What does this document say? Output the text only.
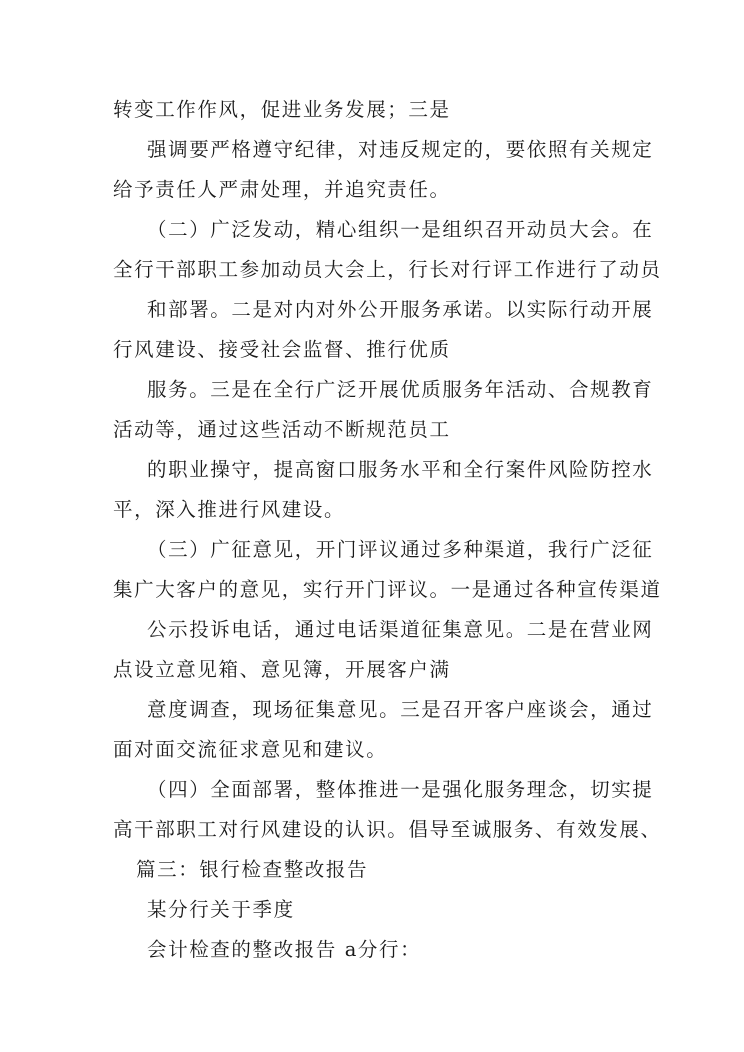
转变工作作风，促进业务发展；三是
强调要严格遵守纪律，对违反规定的，要依照有关规定
给予责任人严肃处理，并追究责任。
（二）广泛发动，精心组织一是组织召开动员大会。在
全行干部职工参加动员大会上，行长对行评工作进行了动员
和部署。二是对内对外公开服务承诺。以实际行动开展
行风建设、接受社会监督、推行优质
服务。三是在全行广泛开展优质服务年活动、合规教育
活动等，通过这些活动不断规范员工
的职业操守，提高窗口服务水平和全行案件风险防控水
平，深入推进行风建设。
（三）广征意见，开门评议通过多种渠道，我行广泛征
集广大客户的意见，实行开门评议。一是通过各种宣传渠道
公示投诉电话，通过电话渠道征集意见。二是在营业网
点设立意见箱、意见簿，开展客户满
意度调查，现场征集意见。三是召开客户座谈会，通过
面对面交流征求意见和建议。
（四）全面部署，整体推进一是强化服务理念，切实提
高干部职工对行风建设的认识。倡导至诚服务、有效发展、
篇三：银行检查整改报告
某分行关于季度
会计检查的整改报告 a分行：
